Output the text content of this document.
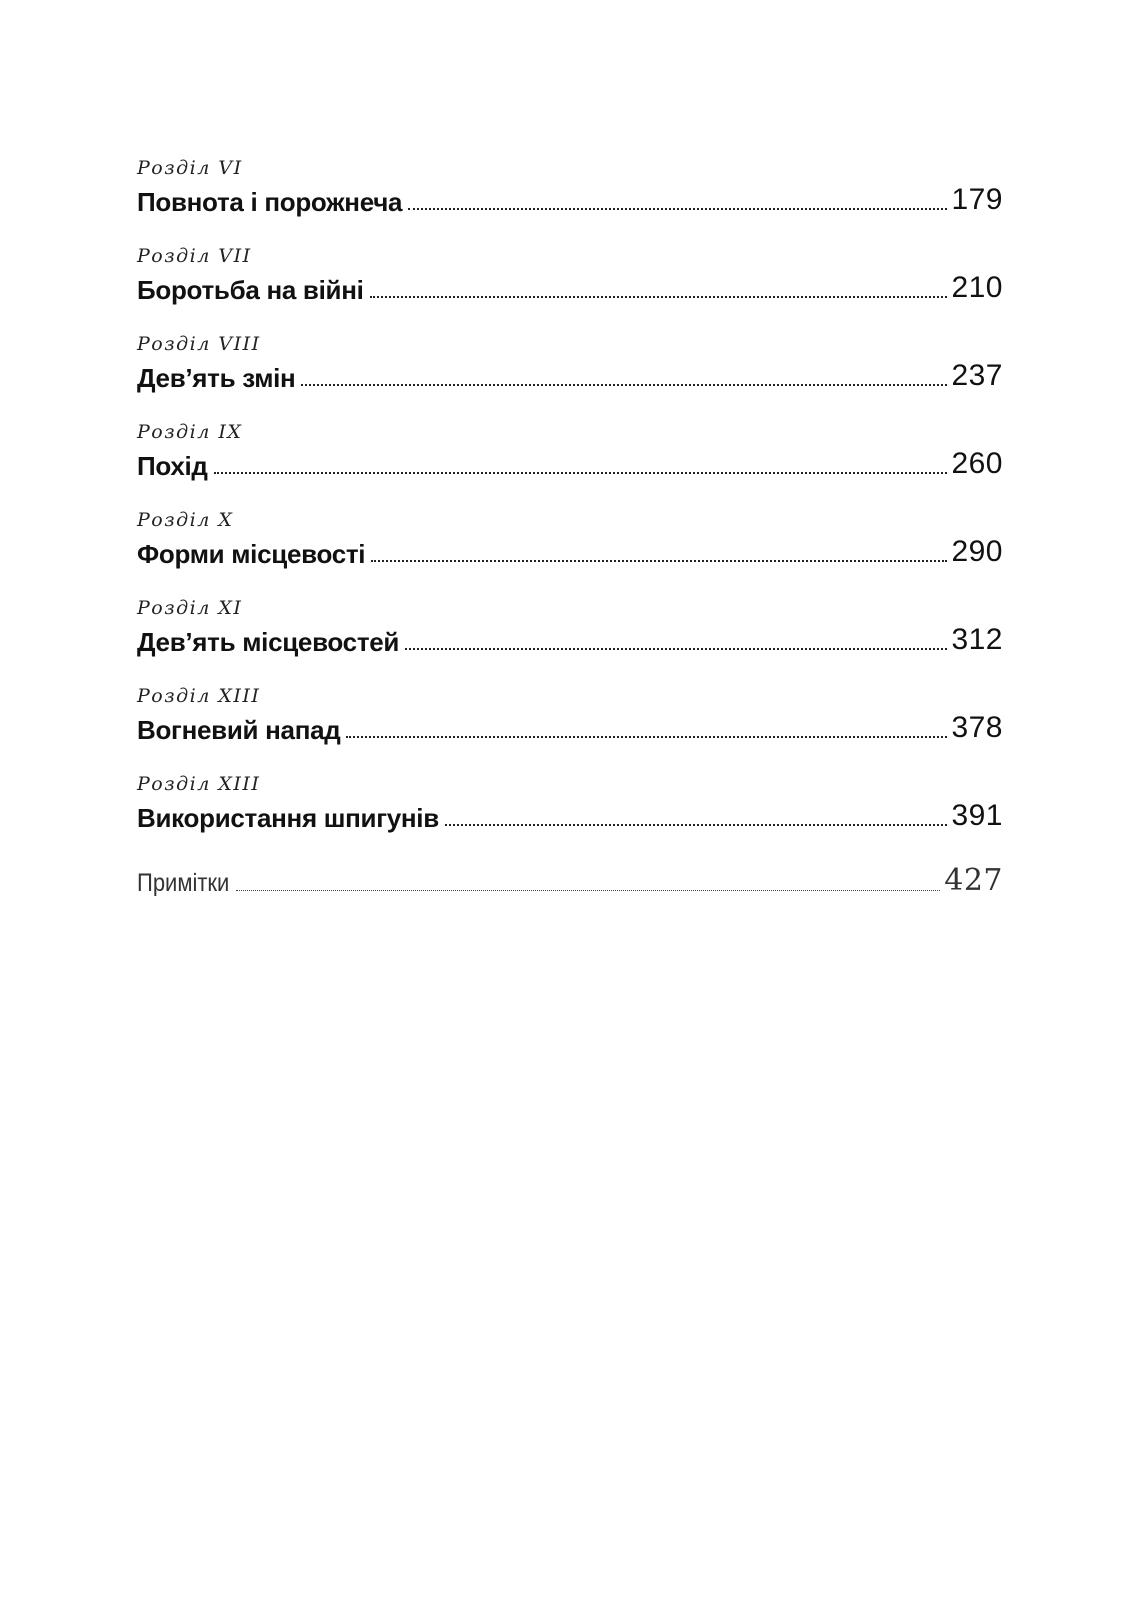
Розділ VI
Повнота і порожнеча	179
Розділ VII
Боротьба на війні	210
Розділ VIII
Дев’ять змін	237
Розділ IX
Похід	260
Розділ X
Форми місцевості	290
Розділ XI
Дев’ять місцевостей	312
Розділ XIII
Вогневий напад	378
Розділ XIII
Використання шпигунів	391
Примітки	427
